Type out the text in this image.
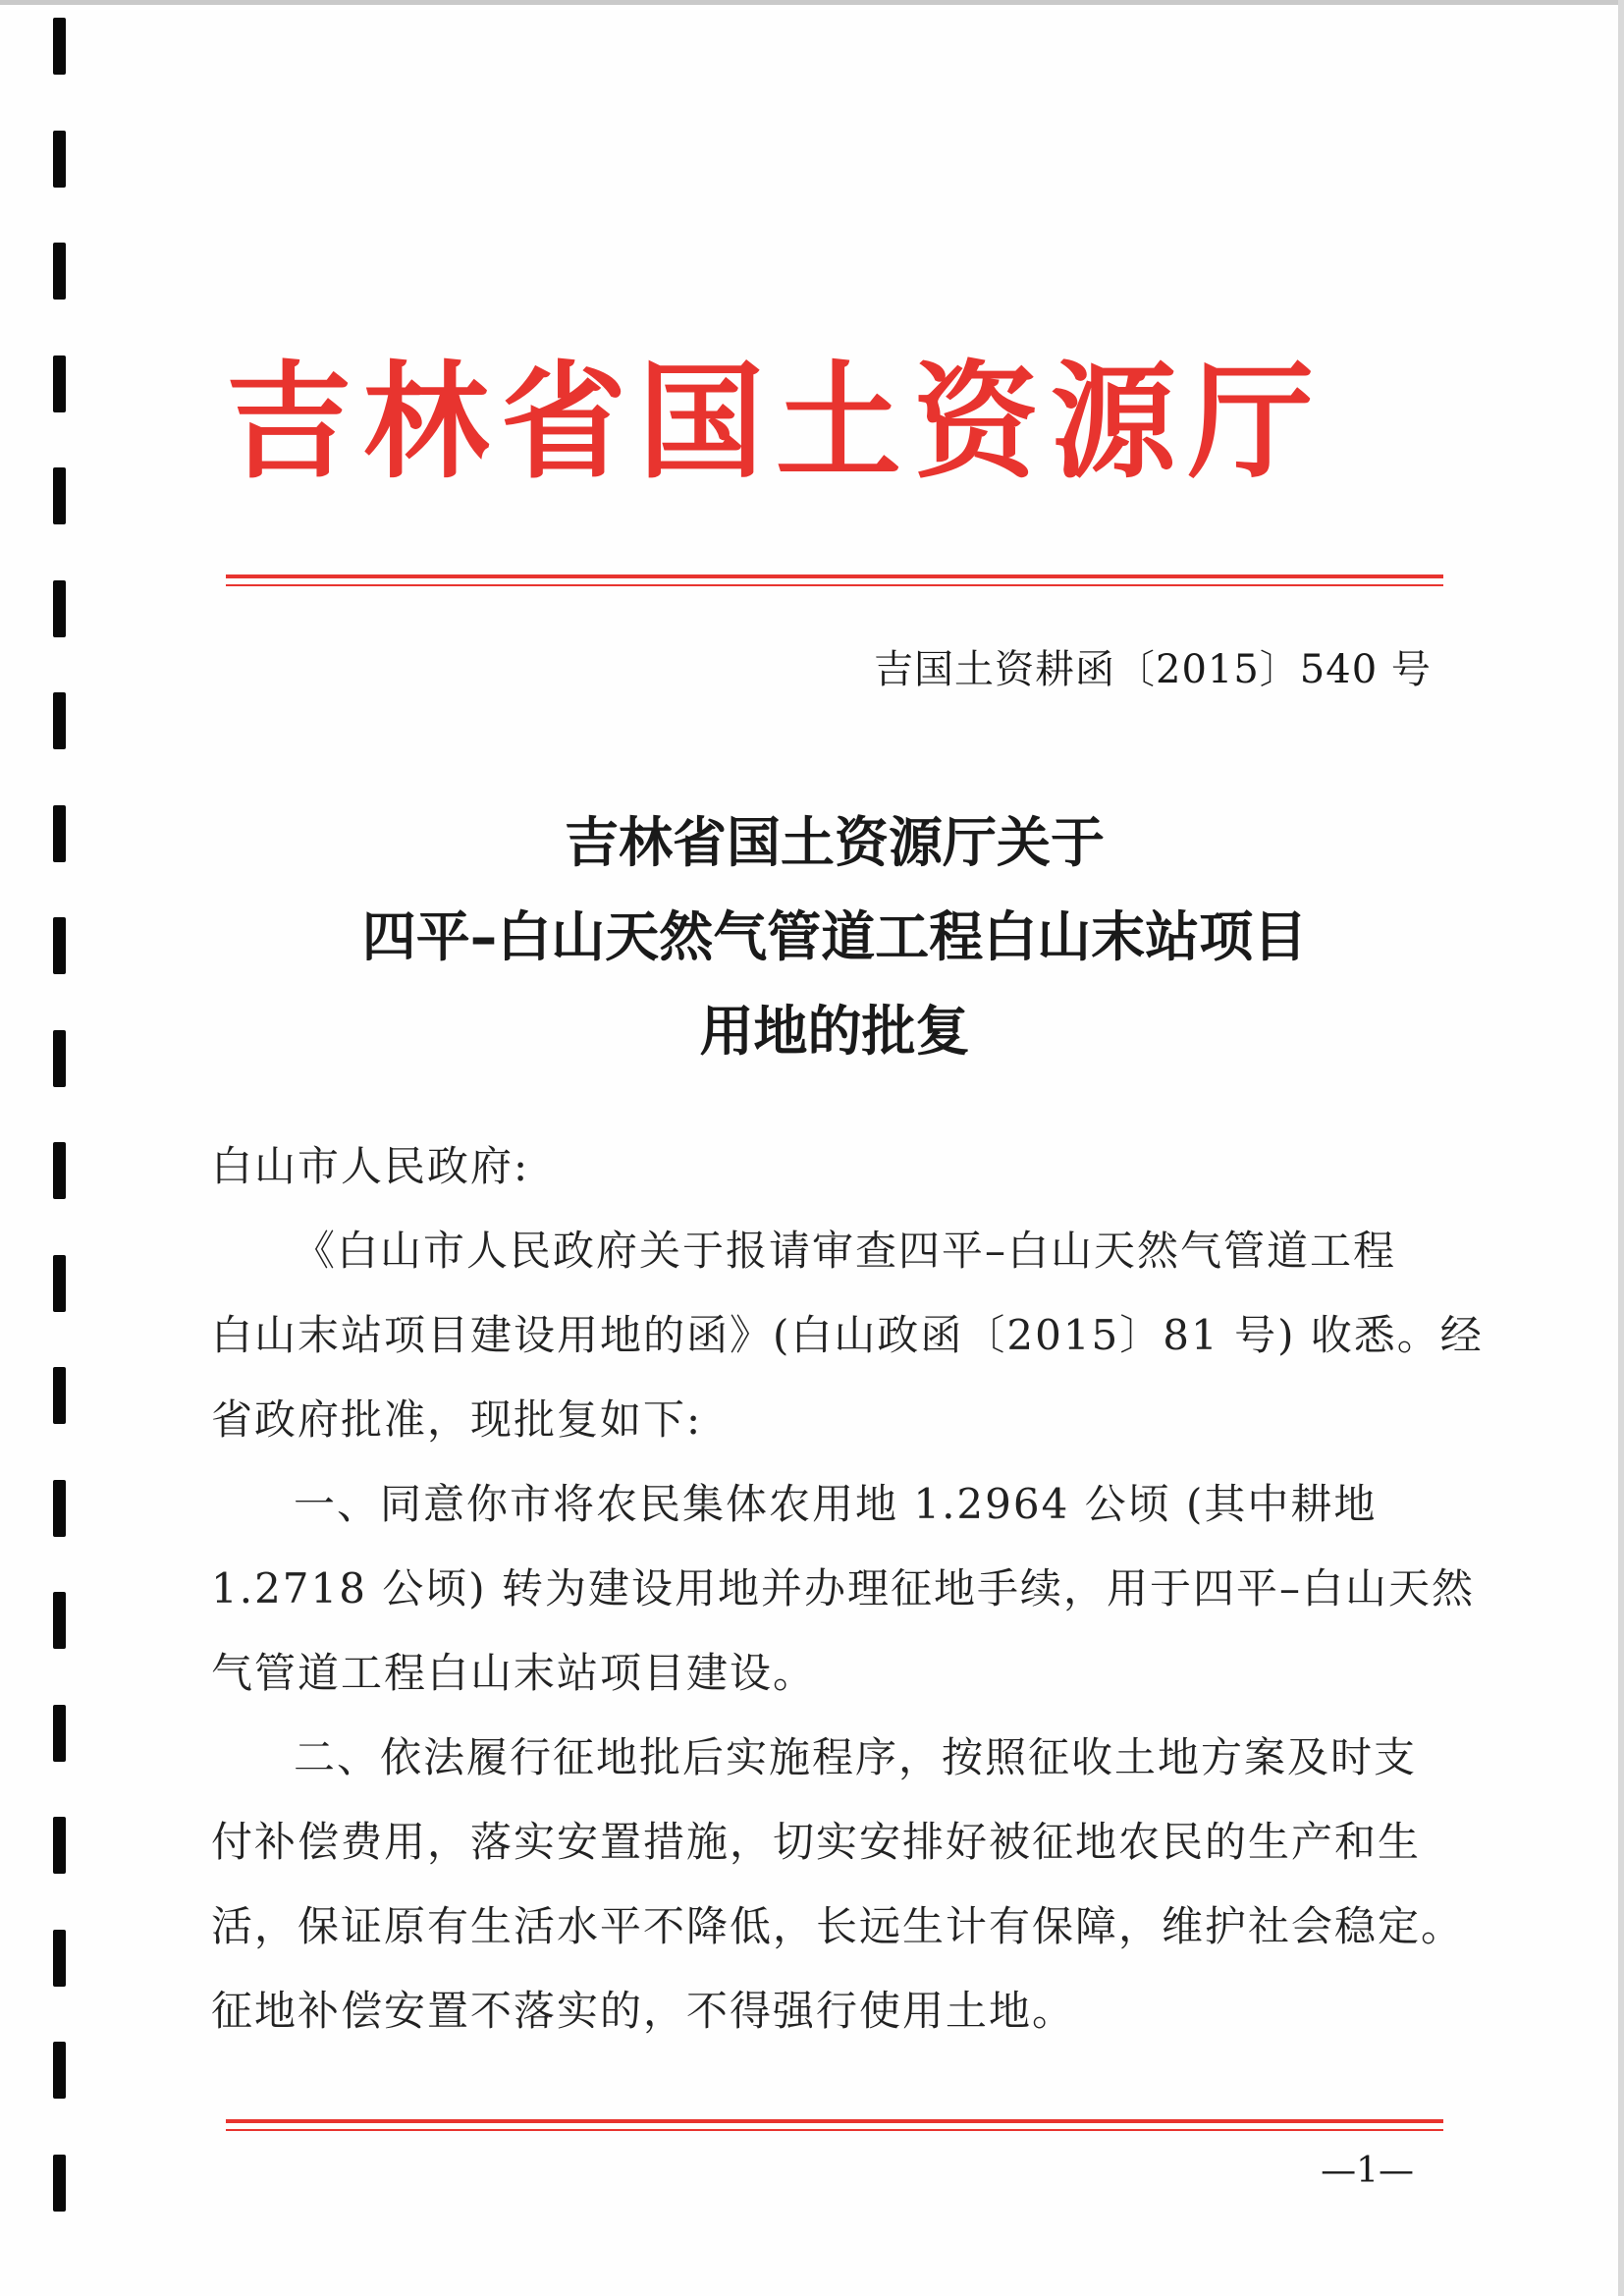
吉林省国土资源厅
吉国土资耕函〔2015〕540 号
吉林省国土资源厅关于
四平–白山天然气管道工程白山末站项目
用地的批复

白山市人民政府:

《白山市人民政府关于报请审查四平–白山天然气管道工程
白山末站项目建设用地的函》(白山政函〔2015〕81 号) 收悉。经
省政府批准，现批复如下:
一、同意你市将农民集体农用地 1.2964 公顷 (其中耕地
1.2718 公顷) 转为建设用地并办理征地手续，用于四平–白山天然
气管道工程白山末站项目建设。
二、依法履行征地批后实施程序，按照征收土地方案及时支
付补偿费用，落实安置措施，切实安排好被征地农民的生产和生
活，保证原有生活水平不降低，长远生计有保障，维护社会稳定。
征地补偿安置不落实的，不得强行使用土地。
—1—
